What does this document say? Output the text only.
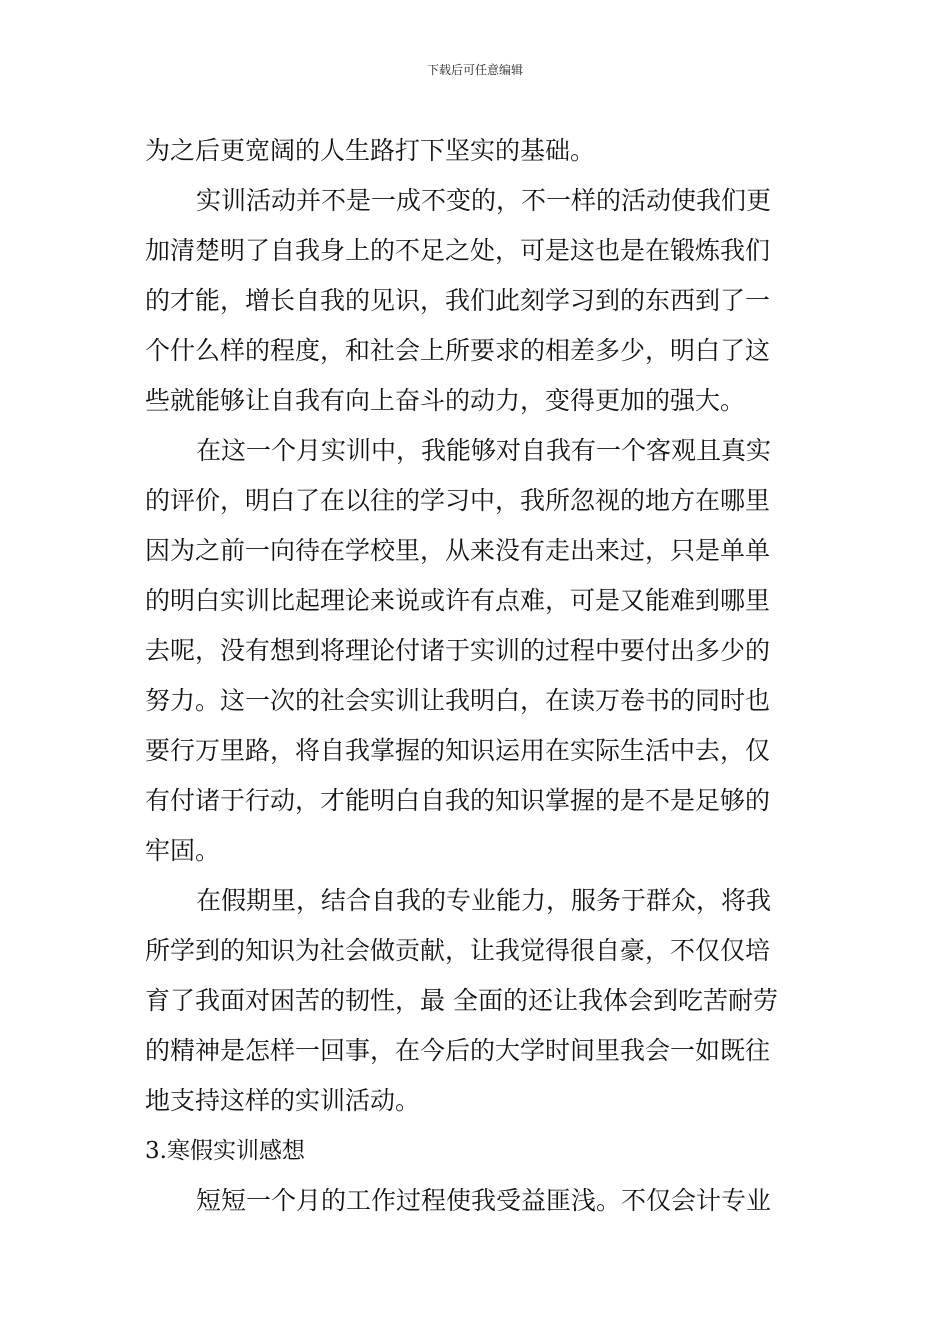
下载后可任意编辑
为之后更宽阔的人生路打下坚实的基础。
实训活动并不是一成不变的，不一样的活动使我们更
加清楚明了自我身上的不足之处，可是这也是在锻炼我们
的才能，增长自我的见识，我们此刻学习到的东西到了一
个什么样的程度，和社会上所要求的相差多少，明白了这
些就能够让自我有向上奋斗的动力，变得更加的强大。
在这一个月实训中，我能够对自我有一个客观且真实
的评价，明白了在以往的学习中，我所忽视的地方在哪里
因为之前一向待在学校里，从来没有走出来过，只是单单
的明白实训比起理论来说或许有点难，可是又能难到哪里
去呢，没有想到将理论付诸于实训的过程中要付出多少的
努力。这一次的社会实训让我明白，在读万卷书的同时也
要行万里路，将自我掌握的知识运用在实际生活中去，仅
有付诸于行动，才能明白自我的知识掌握的是不是足够的
牢固。
在假期里，结合自我的专业能力，服务于群众，将我
所学到的知识为社会做贡献，让我觉得很自豪，不仅仅培
育了我面对困苦的韧性，最 全面的还让我体会到吃苦耐劳
的精神是怎样一回事，在今后的大学时间里我会一如既往
地支持这样的实训活动。
3.寒假实训感想
短短一个月的工作过程使我受益匪浅。不仅会计专业
